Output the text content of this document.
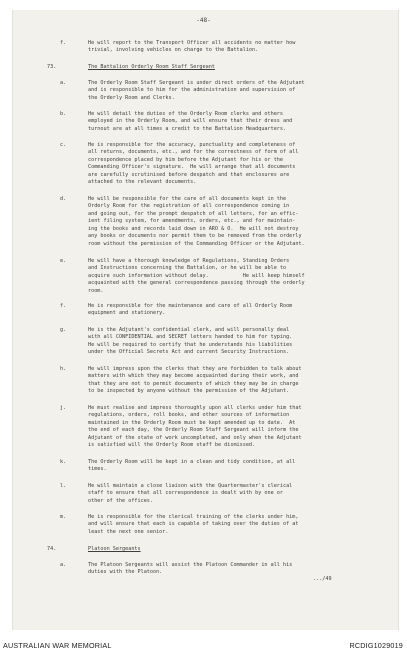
-48-
f.	He will report to the Transport Officer all accidents no matter how
trivial, involving vehicles on charge to the Battalion.
73.	The Battalion Orderly Room Staff Sergeant
a.	The Orderly Room Staff Sergeant is under direct orders of the Adjutant
and is responsible to him for the administration and supervision of
the Orderly Room and Clerks.
b.	He will detail the duties of the Orderly Room clerks and others
employed in the Orderly Room, and will ensure that their dress and
turnout are at all times a credit to the Battalion Headquarters.
c.	He is responsible for the accuracy, punctuality and completeness of
all returns, documents, etc., and for the correctness of form of all
correspondence placed by him before the Adjutant for his or the
Commanding Officer's signature.  He will arrange that all documents
are carefully scrutinised before despatch and that enclosures are
attached to the relevant documents.
d.	He will be responsible for the care of all documents kept in the
Orderly Room for the registration of all correspondence coming in
and going out, for the prompt despatch of all letters, for an effic-
ient filing system, for amendments, orders, etc., and for maintain-
ing the books and records laid down in ARO & O.  He will not destroy
any books or documents nor permit them to be removed from the orderly
room without the permission of the Commanding Officer or the Adjutant.
e.	He will have a thorough knowledge of Regulations, Standing Orders
and Instructions concerning the Battalion, or he will be able to
acquire such information without delay.           He will keep himself
acquainted with the general correspondence passing through the orderly
room.
f.	He is responsible for the maintenance and care of all Orderly Room
equipment and stationery.
g.	He is the Adjutant's confidential clerk, and will personally deal
with all CONFIDENTIAL and SECRET letters handed to him for typing.
He will be required to certify that he understands his liabilities
under the Official Secrets Act and current Security Instructions.
h.	He will impress upon the clerks that they are forbidden to talk about
matters with which they may become acquainted during their work, and
that they are not to permit documents of which they may be in charge
to be inspected by anyone without the permission of the Adjutant.
j.	He must realise and impress thoroughly upon all clerks under him that
regulations, orders, roll books, and other sources of information
maintained in the Orderly Room must be kept amended up to date.  At
the end of each day, the Orderly Room Staff Sergeant will inform the
Adjutant of the state of work uncompleted, and only when the Adjutant
is satisfied will the Orderly Room staff be dismissed.
k.	The Orderly Room will be kept in a clean and tidy condition, at all
times.
l.	He will maintain a close liaison with the Quartermaster's clerical
staff to ensure that all correspondence is dealt with by one or
other of the offices.
m.	He is responsible for the clerical training of the clerks under him,
and will ensure that each is capable of taking over the duties of at
least the next one senior.
74.	Platoon Sergeants
a.	The Platoon Sergeants will assist the Platoon Commander in all his
duties with the Platoon.
.../49
AUSTRALIAN WAR MEMORIAL	RCDIG1029019
